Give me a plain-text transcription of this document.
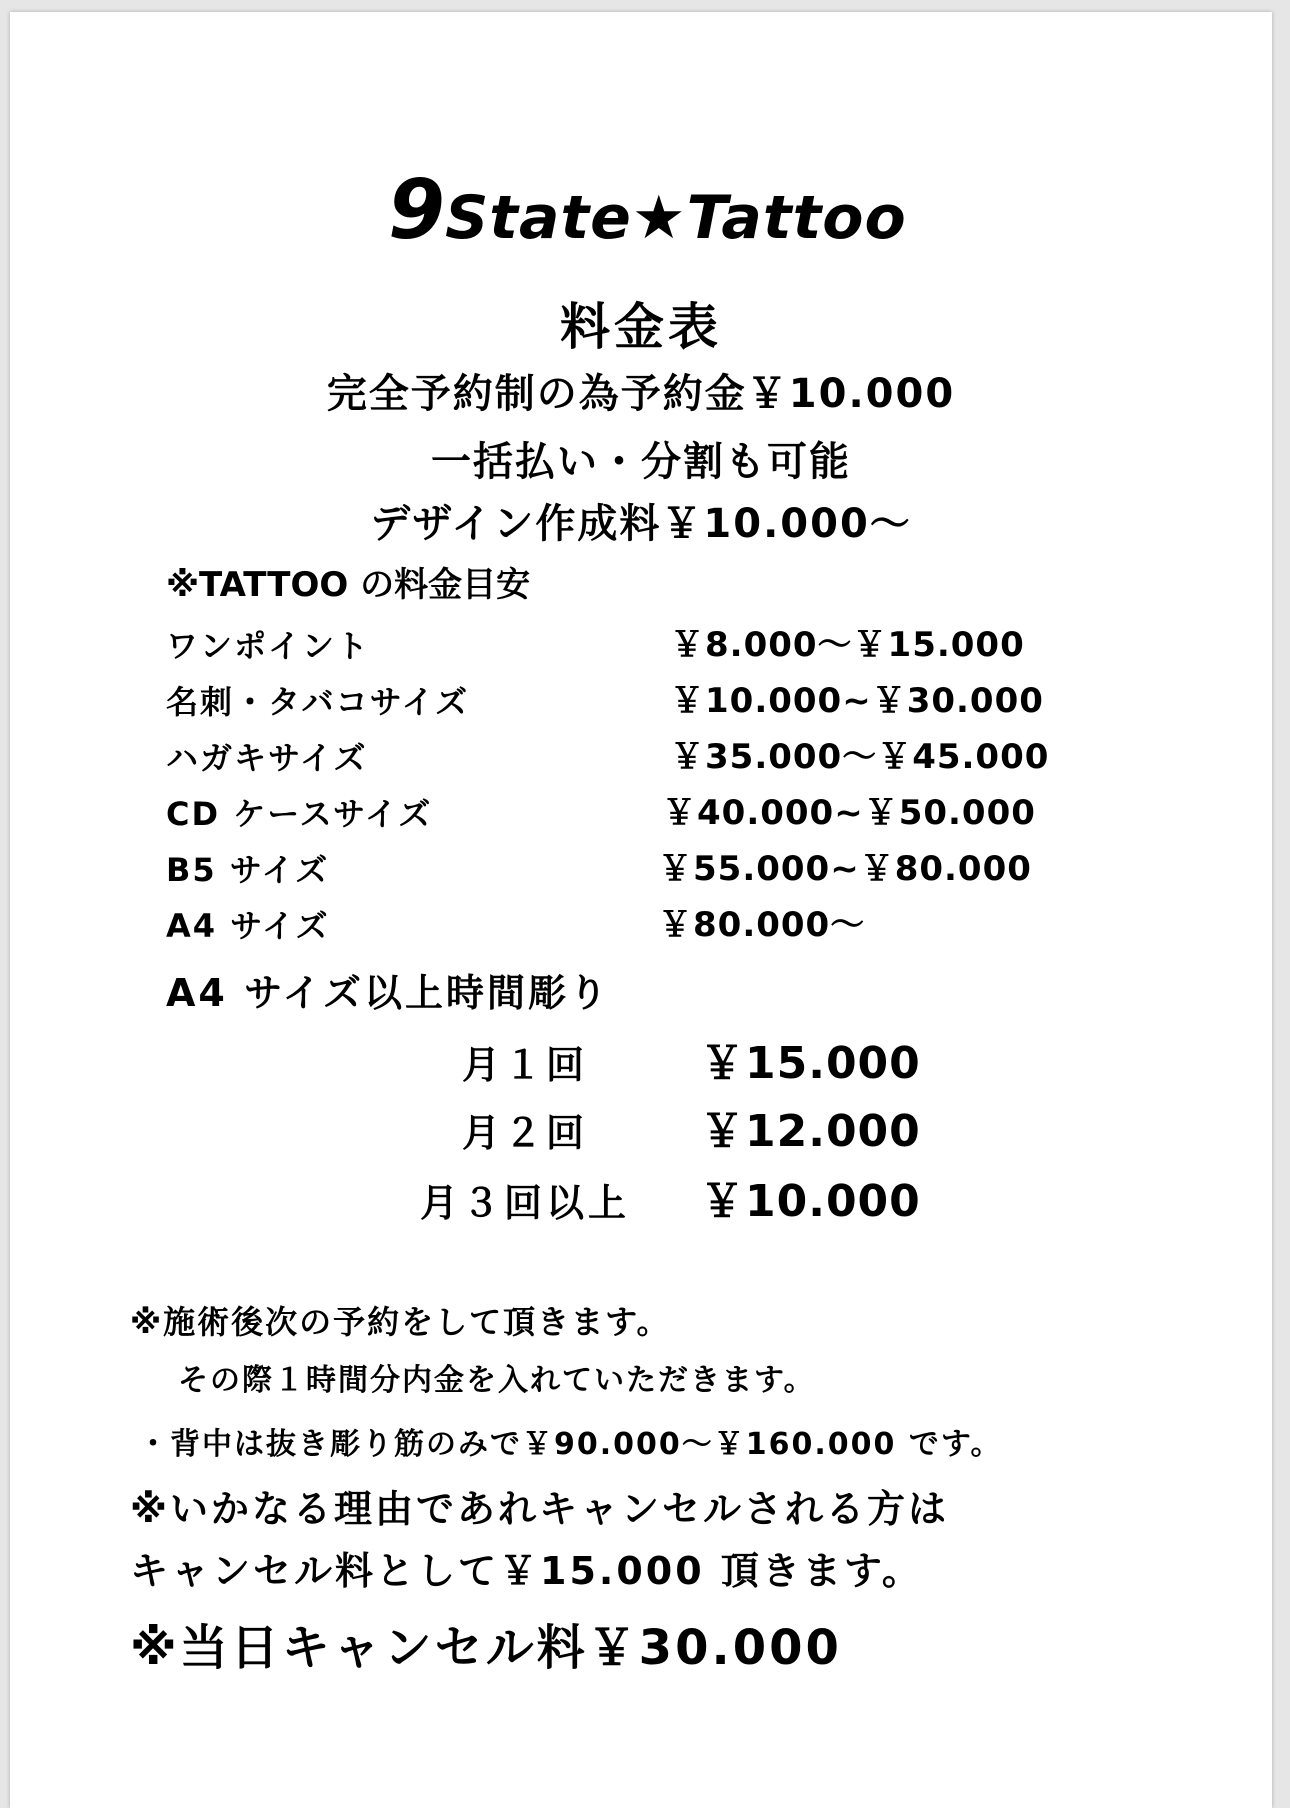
9State★Tattoo
料金表
完全予約制の為予約金￥10.000
一括払い・分割も可能
デザイン作成料￥10.000～
※TATTOO の料金目安
ワンポイント	￥8.000～￥15.000
名刺・タバコサイズ	￥10.000~￥30.000
ハガキサイズ	￥35.000～￥45.000
CD ケースサイズ	￥40.000~￥50.000
B5 サイズ	￥55.000~￥80.000
A4 サイズ	￥80.000～
A4 サイズ以上時間彫り
月１回	￥15.000
月２回	￥12.000
月３回以上 ￥10.000
※施術後次の予約をして頂きます。
その際１時間分内金を入れていただきます。
・背中は抜き彫り筋のみで￥90.000～￥160.000 です。
※いかなる理由であれキャンセルされる方は
キャンセル料として￥15.000 頂きます。
※当日キャンセル料￥30.000
